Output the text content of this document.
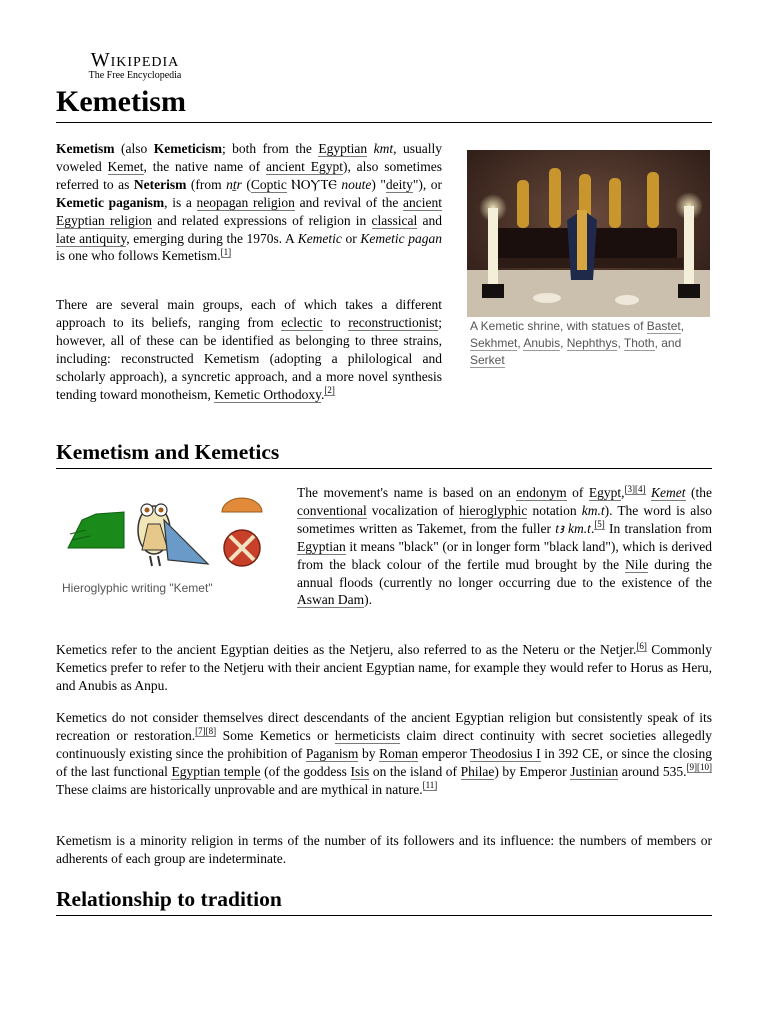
Wikipedia
The Free Encyclopedia
Kemetism

Kemetism (also Kemeticism; both from the Egyptian kmt, usually voweled Kemet, the native name of ancient Egypt), also sometimes referred to as Neterism (from nṯr (Coptic ⲚⲞⲨⲦⲈ noute) "deity"), or Kemetic paganism, is a neopagan religion and revival of the ancient Egyptian religion and related expressions of religion in classical and late antiquity, emerging during the 1970s. A Kemetic or Kemetic pagan is one who follows Kemetism.[1]

There are several main groups, each of which takes a different approach to its beliefs, ranging from eclectic to reconstructionist; however, all of these can be identified as belonging to three strains, including: reconstructed Kemetism (adopting a philological and scholarly approach), a syncretic approach, and a more novel synthesis tending toward monotheism, Kemetic Orthodoxy.[2]

A Kemetic shrine, with statues of Bastet, Sekhmet, Anubis, Nephthys, Thoth, and Serket
Kemetism and Kemetics
Hieroglyphic writing "Kemet"

The movement's name is based on an endonym of Egypt,[3][4] Kemet (the conventional vocalization of hieroglyphic notation km.t). The word is also sometimes written as Takemet, from the fuller tꜣ km.t.[5] In translation from Egyptian it means "black" (or in longer form "black land"), which is derived from the black colour of the fertile mud brought by the Nile during the annual floods (currently no longer occurring due to the existence of the Aswan Dam).

Kemetics refer to the ancient Egyptian deities as the Netjeru, also referred to as the Neteru or the Netjer.[6] Commonly Kemetics prefer to refer to the Netjeru with their ancient Egyptian name, for example they would refer to Horus as Heru, and Anubis as Anpu.

Kemetics do not consider themselves direct descendants of the ancient Egyptian religion but consistently speak of its recreation or restoration.[7][8] Some Kemetics or hermeticists claim direct continuity with secret societies allegedly continuously existing since the prohibition of Paganism by Roman emperor Theodosius I in 392 CE, or since the closing of the last functional Egyptian temple (of the goddess Isis on the island of Philae) by Emperor Justinian around 535.[9][10] These claims are historically unprovable and are mythical in nature.[11]

Kemetism is a minority religion in terms of the number of its followers and its influence: the numbers of members or adherents of each group are indeterminate.

Relationship to tradition
